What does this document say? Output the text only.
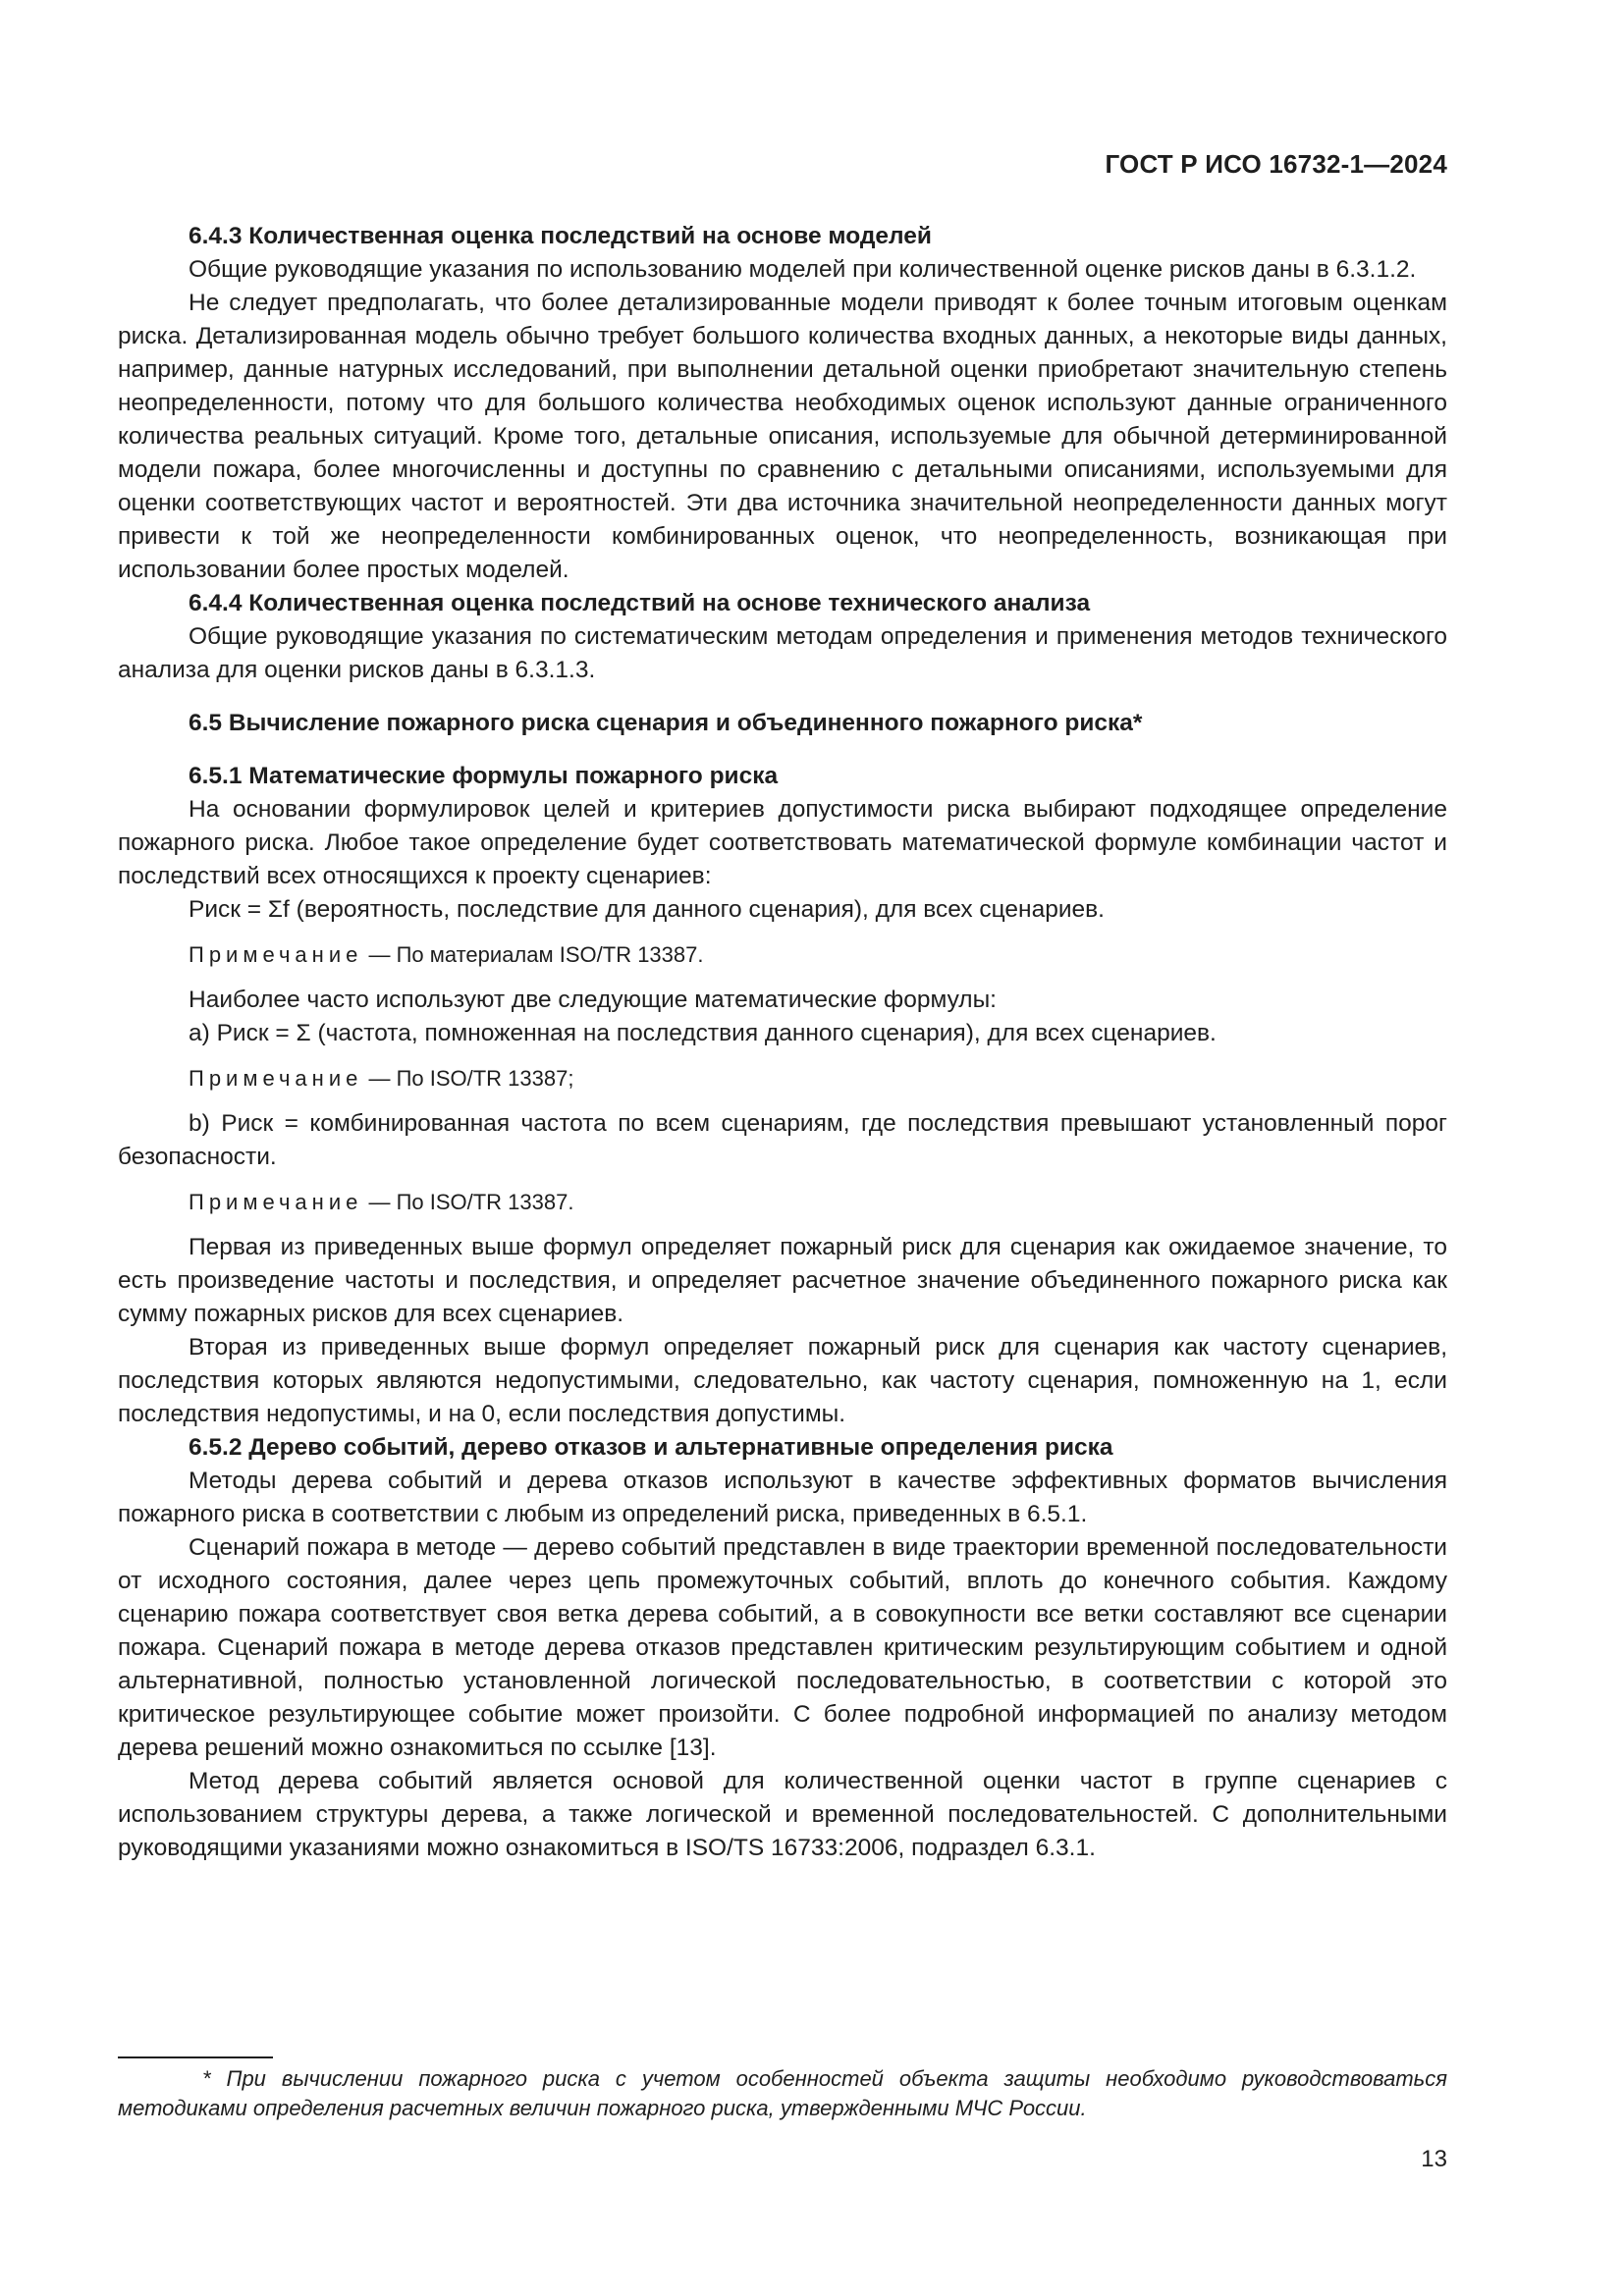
ГОСТ Р ИСО 16732-1—2024

6.4.3 Количественная оценка последствий на основе моделей

Общие руководящие указания по использованию моделей при количественной оценке рисков даны в 6.3.1.2.

Не следует предполагать, что более детализированные модели приводят к более точным итоговым оценкам риска. Детализированная модель обычно требует большого количества входных данных, а некоторые виды данных, например, данные натурных исследований, при выполнении детальной оценки приобретают значительную степень неопределенности, потому что для большого количества необходимых оценок используют данные ограниченного количества реальных ситуаций. Кроме того, детальные описания, используемые для обычной детерминированной модели пожара, более многочисленны и доступны по сравнению с детальными описаниями, используемыми для оценки соответствующих частот и вероятностей. Эти два источника значительной неопределенности данных могут привести к той же неопределенности комбинированных оценок, что неопределенность, возникающая при использовании более простых моделей.

6.4.4 Количественная оценка последствий на основе технического анализа

Общие руководящие указания по систематическим методам определения и применения методов технического анализа для оценки рисков даны в 6.3.1.3.

6.5 Вычисление пожарного риска сценария и объединенного пожарного риска*

6.5.1 Математические формулы пожарного риска

На основании формулировок целей и критериев допустимости риска выбирают подходящее определение пожарного риска. Любое такое определение будет соответствовать математической формуле комбинации частот и последствий всех относящихся к проекту сценариев:

Риск = Σf (вероятность, последствие для данного сценария), для всех сценариев.

Примечание — По материалам ISO/TR 13387.

Наиболее часто используют две следующие математические формулы:

a) Риск = Σ (частота, помноженная на последствия данного сценария), для всех сценариев.

Примечание — По ISO/TR 13387;

b) Риск = комбинированная частота по всем сценариям, где последствия превышают установленный порог безопасности.

Примечание — По ISO/TR 13387.

Первая из приведенных выше формул определяет пожарный риск для сценария как ожидаемое значение, то есть произведение частоты и последствия, и определяет расчетное значение объединенного пожарного риска как сумму пожарных рисков для всех сценариев.

Вторая из приведенных выше формул определяет пожарный риск для сценария как частоту сценариев, последствия которых являются недопустимыми, следовательно, как частоту сценария, помноженную на 1, если последствия недопустимы, и на 0, если последствия допустимы.

6.5.2 Дерево событий, дерево отказов и альтернативные определения риска

Методы дерева событий и дерева отказов используют в качестве эффективных форматов вычисления пожарного риска в соответствии с любым из определений риска, приведенных в 6.5.1.

Сценарий пожара в методе — дерево событий представлен в виде траектории временной последовательности от исходного состояния, далее через цепь промежуточных событий, вплоть до конечного события. Каждому сценарию пожара соответствует своя ветка дерева событий, а в совокупности все ветки составляют все сценарии пожара. Сценарий пожара в методе дерева отказов представлен критическим результирующим событием и одной альтернативной, полностью установленной логической последовательностью, в соответствии с которой это критическое результирующее событие может произойти. С более подробной информацией по анализу методом дерева решений можно ознакомиться по ссылке [13].

Метод дерева событий является основой для количественной оценки частот в группе сценариев с использованием структуры дерева, а также логической и временной последовательностей. С дополнительными руководящими указаниями можно ознакомиться в ISO/TS 16733:2006, подраздел 6.3.1.

* При вычислении пожарного риска с учетом особенностей объекта защиты необходимо руководствоваться методиками определения расчетных величин пожарного риска, утвержденными МЧС России.
13
